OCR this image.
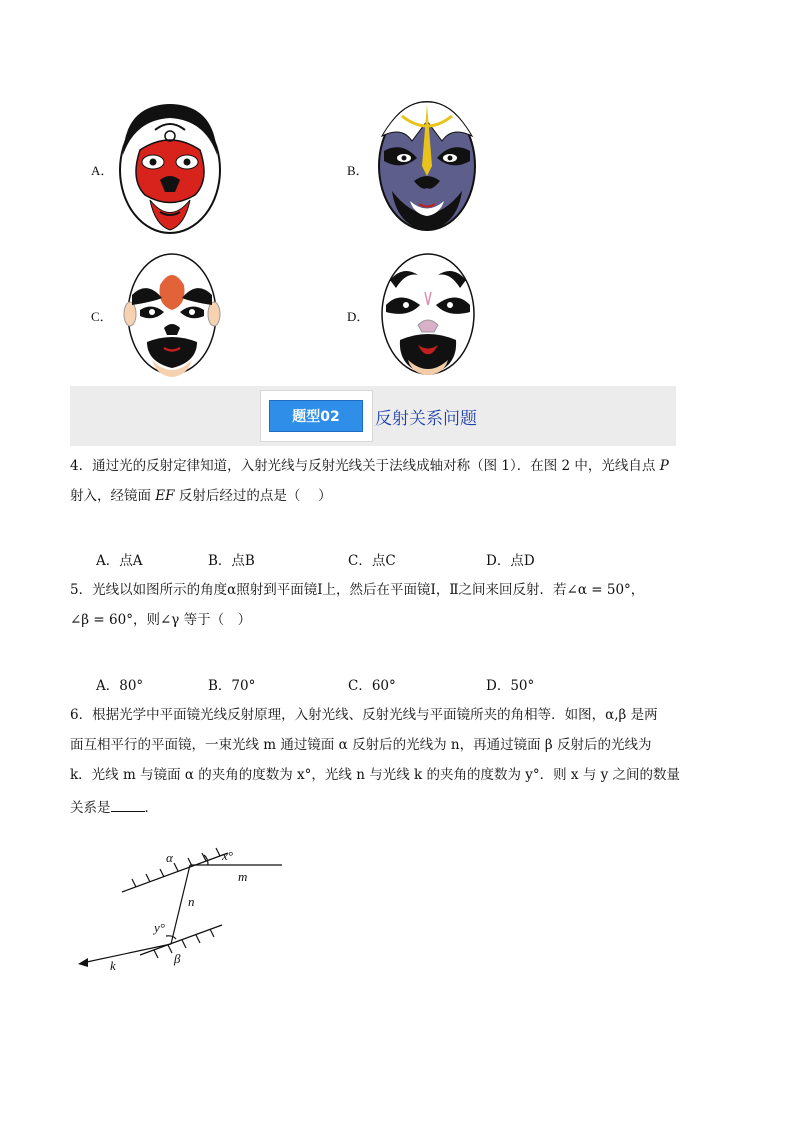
A．	B．
C．	D．
题型02	反射关系问题
4．通过光的反射定律知道，入射光线与反射光线关于法线成轴对称（图 1）．在图 2 中，光线自点 P
射入，经镜面 EF 反射后经过的点是（　 ）
A．点A	B．点B	C．点C	D．点D
5．光线以如图所示的角度α照射到平面镜Ⅰ上，然后在平面镜Ⅰ，Ⅱ之间来回反射．若∠α = 50°，
∠β = 60°，则∠γ 等于（　）
A．80°	B．70°	C．60°	D．50°
6．根据光学中平面镜光线反射原理，入射光线、反射光线与平面镜所夹的角相等．如图，α,β 是两
面互相平行的平面镜，一束光线 m 通过镜面 α 反射后的光线为 n，再通过镜面 β 反射后的光线为
k．光线 m 与镜面 α 的夹角的度数为 x°，光线 n 与光线 k 的夹角的度数为 y°．则 x 与 y 之间的数量
关系是	．
α	x°
m
n
y°
k	β
